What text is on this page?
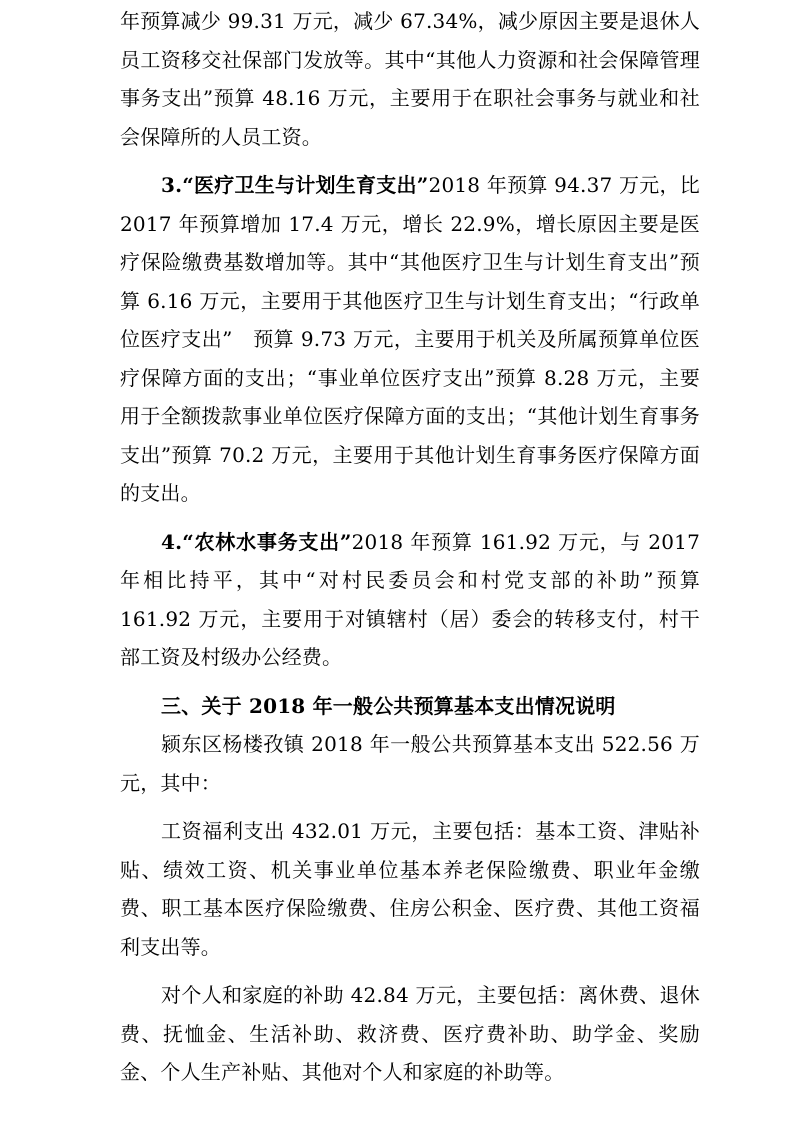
年预算减少 99.31 万元，减少 67.34%，减少原因主要是退休人员工资移交社保部门发放等。其中“其他人力资源和社会保障管理事务支出”预算 48.16 万元，主要用于在职社会事务与就业和社会保障所的人员工资。

3.“医疗卫生与计划生育支出”2018 年预算 94.37 万元，比 2017 年预算增加 17.4 万元，增长 22.9%，增长原因主要是医疗保险缴费基数增加等。其中“其他医疗卫生与计划生育支出”预算 6.16 万元，主要用于其他医疗卫生与计划生育支出；“行政单位医疗支出”　预算 9.73 万元，主要用于机关及所属预算单位医疗保障方面的支出；“事业单位医疗支出”预算 8.28 万元，主要用于全额拨款事业单位医疗保障方面的支出；“其他计划生育事务支出”预算 70.2 万元，主要用于其他计划生育事务医疗保障方面的支出。

4.“农林水事务支出”2018 年预算 161.92 万元，与 2017 年相比持平，其中“对村民委员会和村党支部的补助”预算 161.92 万元，主要用于对镇辖村（居）委会的转移支付，村干部工资及村级办公经费。

三、关于 2018 年一般公共预算基本支出情况说明

颍东区杨楼孜镇 2018 年一般公共预算基本支出 522.56 万元，其中：

工资福利支出 432.01 万元，主要包括：基本工资、津贴补贴、绩效工资、机关事业单位基本养老保险缴费、职业年金缴费、职工基本医疗保险缴费、住房公积金、医疗费、其他工资福利支出等。

对个人和家庭的补助 42.84 万元，主要包括：离休费、退休费、抚恤金、生活补助、救济费、医疗费补助、助学金、奖励金、个人生产补贴、其他对个人和家庭的补助等。
